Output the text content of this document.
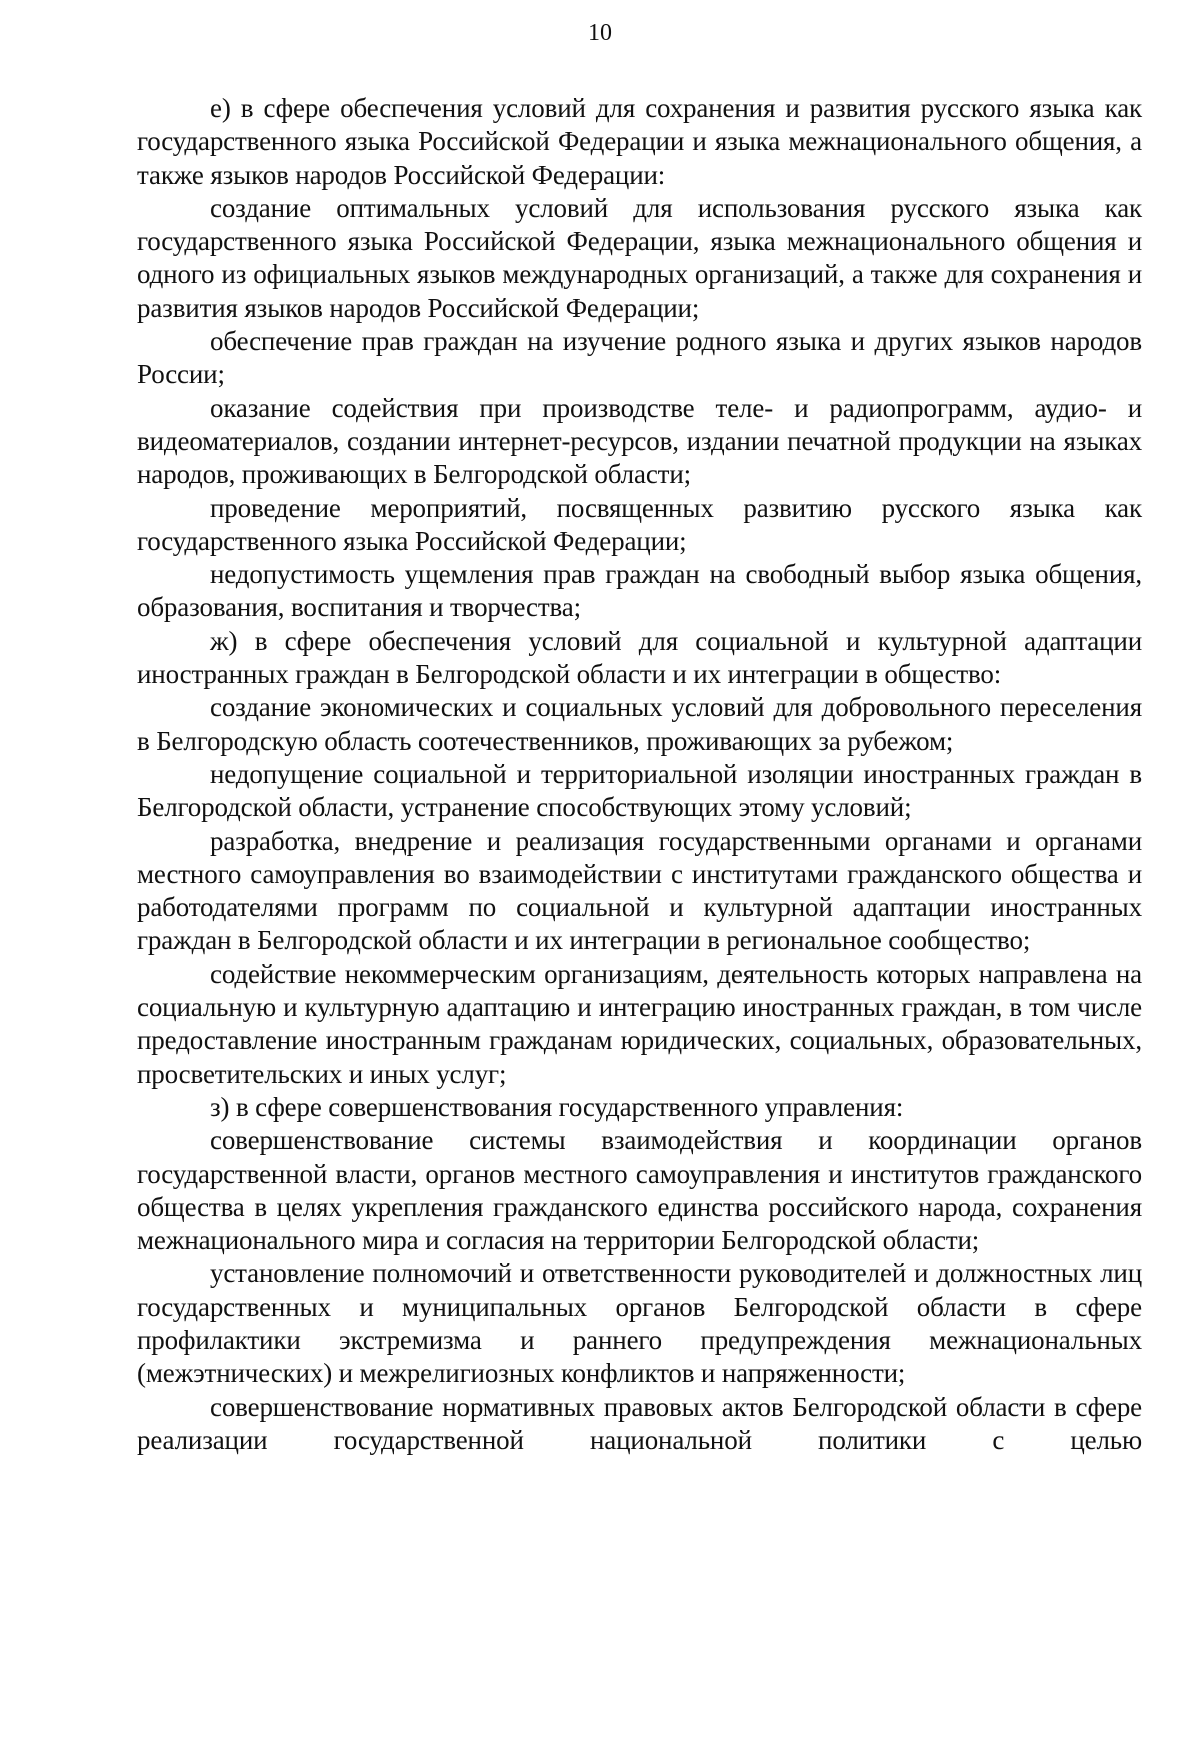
10

е) в сфере обеспечения условий для сохранения и развития русского языка как государственного языка Российской Федерации и языка межнационального общения, а также языков народов Российской Федерации:

создание оптимальных условий для использования русского языка как государственного языка Российской Федерации, языка межнационального общения и одного из официальных языков международных организаций, а также для сохранения и развития языков народов Российской Федерации;

обеспечение прав граждан на изучение родного языка и других языков народов России;

оказание содействия при производстве теле- и радиопрограмм, аудио- и видеоматериалов, создании интернет-ресурсов, издании печатной продукции на языках народов, проживающих в Белгородской области;

проведение мероприятий, посвященных развитию русского языка как государственного языка Российской Федерации;

недопустимость ущемления прав граждан на свободный выбор языка общения, образования, воспитания и творчества;

ж) в сфере обеспечения условий для социальной и культурной адаптации иностранных граждан в Белгородской области и их интеграции в общество:

создание экономических и социальных условий для добровольного переселения в Белгородскую область соотечественников, проживающих за рубежом;

недопущение социальной и территориальной изоляции иностранных граждан в Белгородской области, устранение способствующих этому условий;

разработка, внедрение и реализация государственными органами и органами местного самоуправления во взаимодействии с институтами гражданского общества и работодателями программ по социальной и культурной адаптации иностранных граждан в Белгородской области и их интеграции в региональное сообщество;

содействие некоммерческим организациям, деятельность которых направлена на социальную и культурную адаптацию и интеграцию иностранных граждан, в том числе предоставление иностранным гражданам юридических, социальных, образовательных, просветительских и иных услуг;

з) в сфере совершенствования государственного управления:

совершенствование системы взаимодействия и координации органов государственной власти, органов местного самоуправления и институтов гражданского общества в целях укрепления гражданского единства российского народа, сохранения межнационального мира и согласия на территории Белгородской области;

установление полномочий и ответственности руководителей и должностных лиц государственных и муниципальных органов Белгородской области в сфере профилактики экстремизма и раннего предупреждения межнациональных (межэтнических) и межрелигиозных конфликтов и напряженности;

совершенствование нормативных правовых актов Белгородской области в сфере реализации государственной национальной политики с целью
